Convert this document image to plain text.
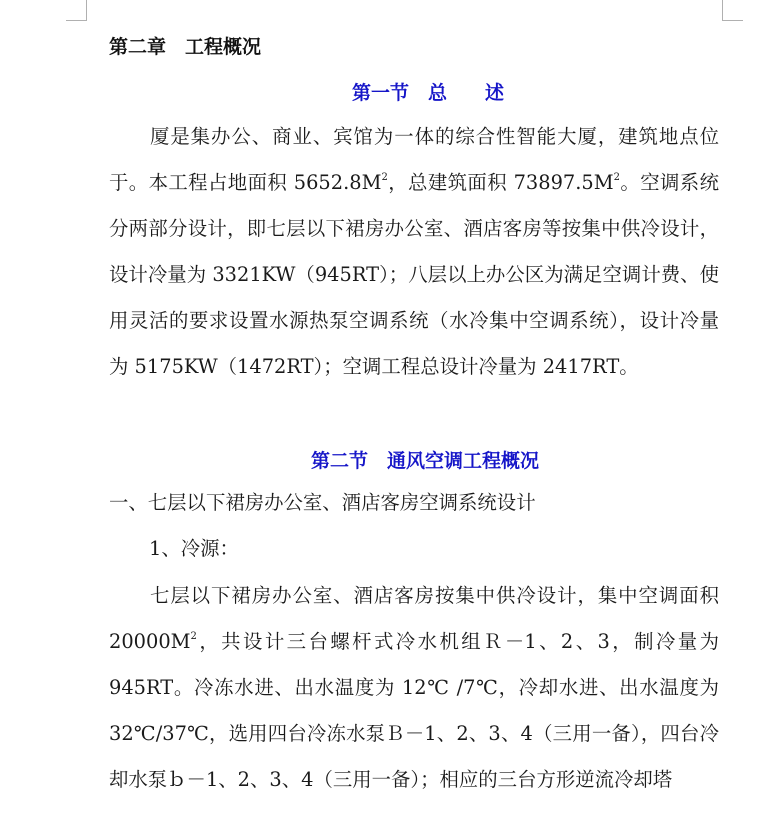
第二章　工程概况
第一节　总　　述

厦是集办公、商业、宾馆为一体的综合性智能大厦，建筑地点位于。本工程占地面积 $5652.8M^2$，总建筑面积 $73897.5M^2$。空调系统分两部分设计，即七层以下裙房办公室、酒店客房等按集中供冷设计，设计冷量为 3321KW（945RT）；八层以上办公区为满足空调计费、使用灵活的要求设置水源热泵空调系统（水冷集中空调系统），设计冷量为 5175KW（1472RT）；空调工程总设计冷量为 2417RT。

第二节　通风空调工程概况

一、七层以下裙房办公室、酒店客房空调系统设计

1、冷源：

七层以下裙房办公室、酒店客房按集中供冷设计，集中空调面积 $20000M^2$，共设计三台螺杆式冷水机组Ｒ－1、2、3，制冷量为 945RT。冷冻水进、出水温度为 12℃ /7℃，冷却水进、出水温度为 32℃/37℃，选用四台冷冻水泵Ｂ－1、2、3、4（三用一备），四台冷却水泵ｂ－1、2、3、4（三用一备）；相应的三台方形逆流冷却塔
